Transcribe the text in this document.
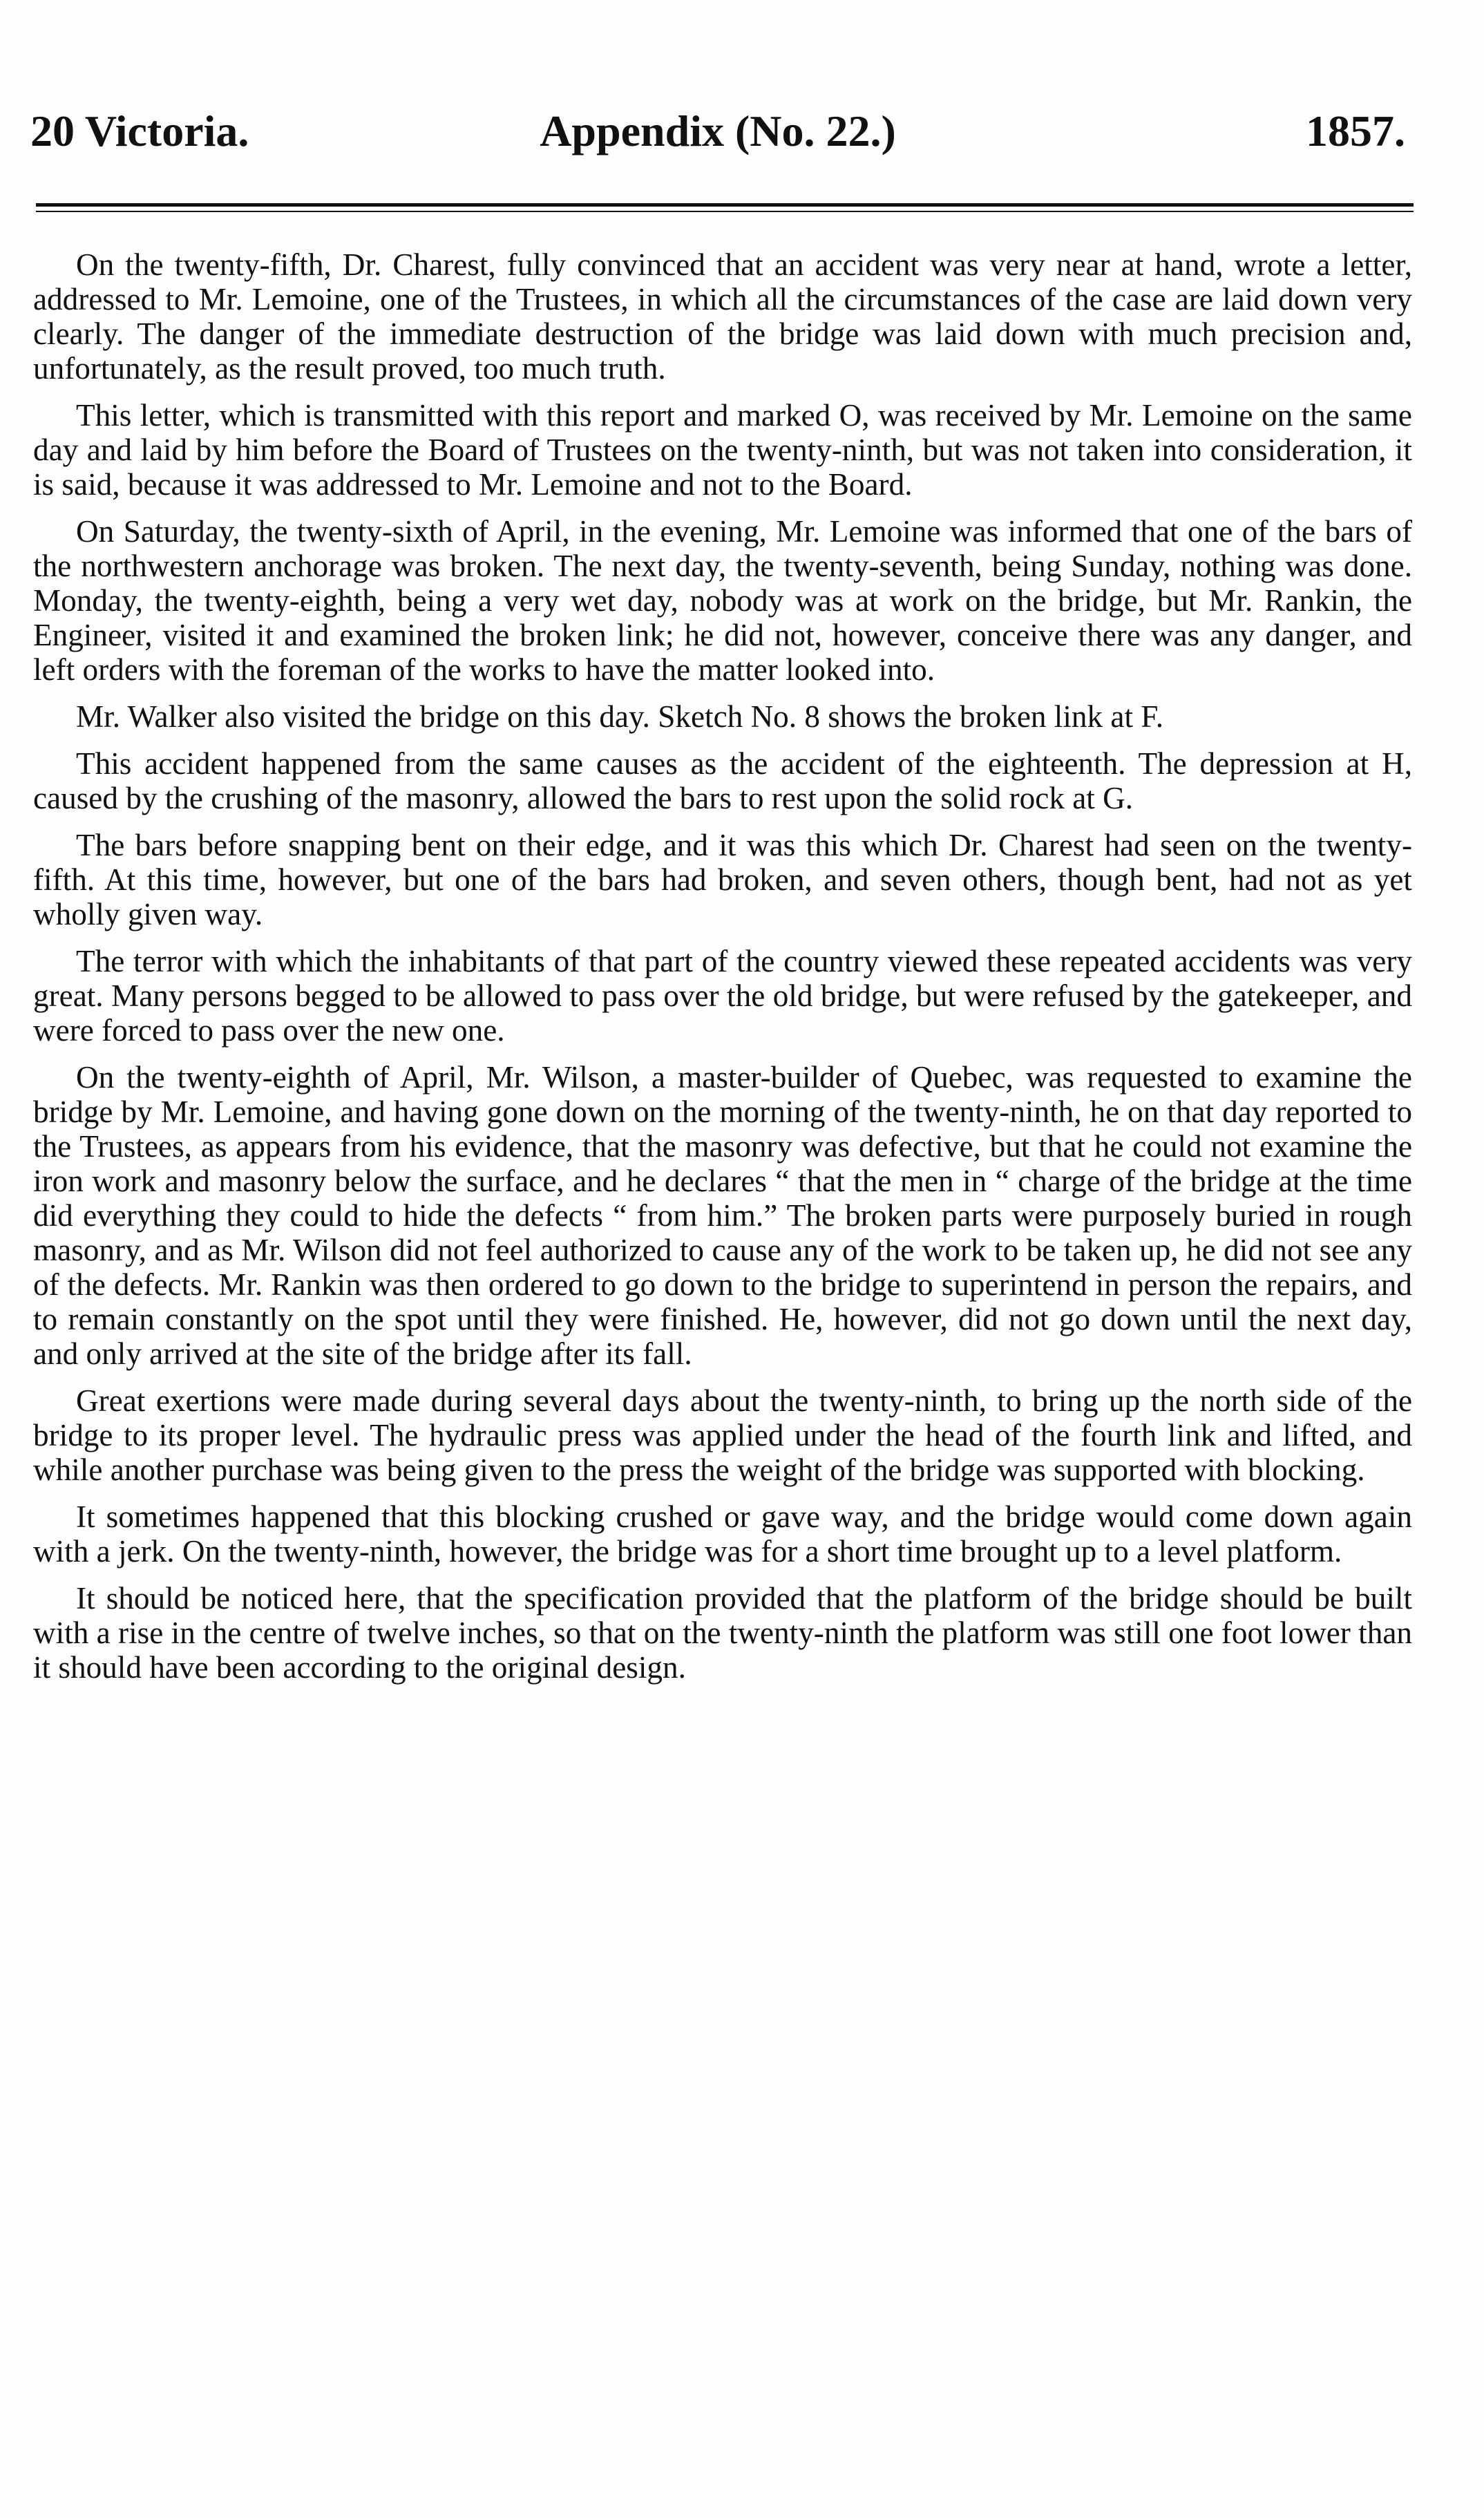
20 Victoria.	Appendix (No. 22.)	1857.

On the twenty-fifth, Dr. Charest, fully convinced that an accident was very near at hand, wrote a letter, addressed to Mr. Lemoine, one of the Trustees, in which all the circumstances of the case are laid down very clearly. The danger of the immediate destruction of the bridge was laid down with much precision and, unfortunately, as the result proved, too much truth.

This letter, which is transmitted with this report and marked O, was received by Mr. Lemoine on the same day and laid by him before the Board of Trustees on the twenty-ninth, but was not taken into consideration, it is said, because it was addressed to Mr. Lemoine and not to the Board.

On Saturday, the twenty-sixth of April, in the evening, Mr. Lemoine was informed that one of the bars of the northwestern anchorage was broken. The next day, the twenty-seventh, being Sunday, nothing was done. Monday, the twenty-eighth, being a very wet day, nobody was at work on the bridge, but Mr. Rankin, the Engineer, visited it and examined the broken link; he did not, however, conceive there was any danger, and left orders with the foreman of the works to have the matter looked into.

Mr. Walker also visited the bridge on this day. Sketch No. 8 shows the broken link at F.

This accident happened from the same causes as the accident of the eighteenth. The depression at H, caused by the crushing of the masonry, allowed the bars to rest upon the solid rock at G.

The bars before snapping bent on their edge, and it was this which Dr. Charest had seen on the twenty-fifth. At this time, however, but one of the bars had broken, and seven others, though bent, had not as yet wholly given way.

The terror with which the inhabitants of that part of the country viewed these repeated accidents was very great. Many persons begged to be allowed to pass over the old bridge, but were refused by the gatekeeper, and were forced to pass over the new one.

On the twenty-eighth of April, Mr. Wilson, a master-builder of Quebec, was requested to examine the bridge by Mr. Lemoine, and having gone down on the morning of the twenty-ninth, he on that day reported to the Trustees, as appears from his evidence, that the masonry was defective, but that he could not examine the iron work and masonry below the surface, and he declares “ that the men in “ charge of the bridge at the time did everything they could to hide the defects “ from him.” The broken parts were purposely buried in rough masonry, and as Mr. Wilson did not feel authorized to cause any of the work to be taken up, he did not see any of the defects. Mr. Rankin was then ordered to go down to the bridge to superintend in person the repairs, and to remain constantly on the spot until they were finished. He, however, did not go down until the next day, and only arrived at the site of the bridge after its fall.

Great exertions were made during several days about the twenty-ninth, to bring up the north side of the bridge to its proper level. The hydraulic press was applied under the head of the fourth link and lifted, and while another purchase was being given to the press the weight of the bridge was supported with blocking.

It sometimes happened that this blocking crushed or gave way, and the bridge would come down again with a jerk. On the twenty-ninth, however, the bridge was for a short time brought up to a level platform.

It should be noticed here, that the specification provided that the platform of the bridge should be built with a rise in the centre of twelve inches, so that on the twenty-ninth the platform was still one foot lower than it should have been according to the original design.
